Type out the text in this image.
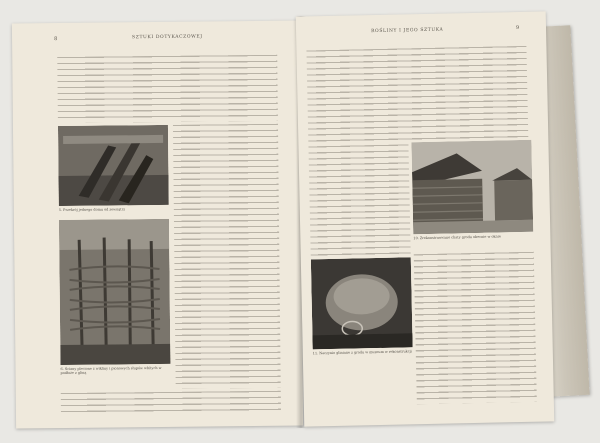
8	SZTUKI DOTYKACZOWEJ
5. Przekrój jednego domu od zewnątrz
6. Ściany plecione z wikliny i pionowych słupów wbitych w podłoże z gliną
ROŚLINY I JEGO SZTUKA	9
10. Zrekonstruowane chaty grodu obecnie w oknie
11. Naczynie gliniane z grodu w muzeum w rekonstrukcji
